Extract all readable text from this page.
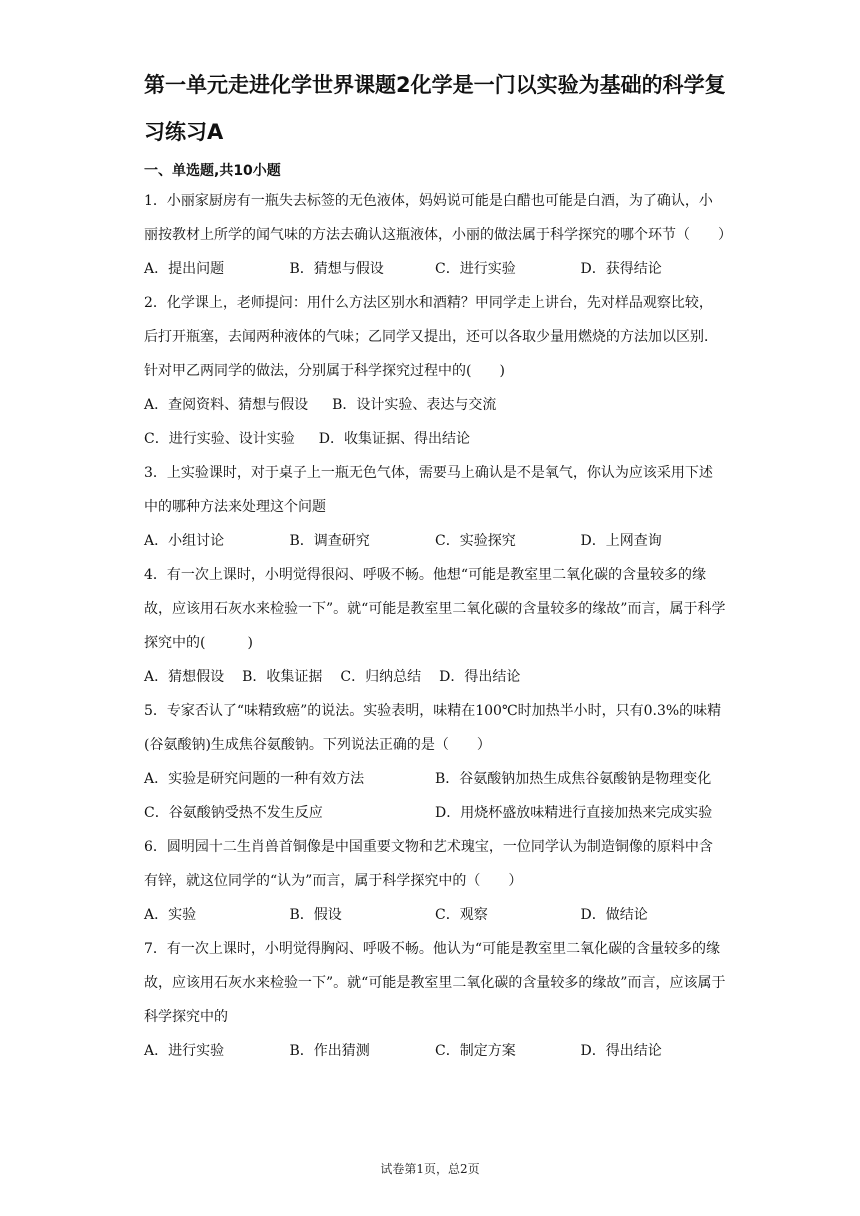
第一单元走进化学世界课题2化学是一门以实验为基础的科学复习练习A
一、单选题,共10小题

1．小丽家厨房有一瓶失去标签的无色液体，妈妈说可能是白醋也可能是白酒，为了确认，小丽按教材上所学的闻气味的方法去确认这瓶液体，小丽的做法属于科学探究的哪个环节（　　）

A．提出问题	B．猜想与假设	C．进行实验	D．获得结论

2．化学课上，老师提问：用什么方法区别水和酒精？甲同学走上讲台，先对样品观察比较，后打开瓶塞，去闻两种液体的气味；乙同学又提出，还可以各取少量用燃烧的方法加以区别．针对甲乙两同学的做法，分别属于科学探究过程中的(　　)

A．查阅资料、猜想与假设 B．设计实验、表达与交流
C．进行实验、设计实验 D．收集证据、得出结论

3．上实验课时，对于桌子上一瓶无色气体，需要马上确认是不是氧气，你认为应该采用下述中的哪种方法来处理这个问题

A．小组讨论	B．调查研究	C．实验探究	D．上网查询

4．有一次上课时，小明觉得很闷、呼吸不畅。他想“可能是教室里二氧化碳的含量较多的缘故，应该用石灰水来检验一下”。就“可能是教室里二氧化碳的含量较多的缘故”而言，属于科学探究中的(　　　)

A．猜想假设 B．收集证据 C．归纳总结 D．得出结论

5．专家否认了“味精致癌”的说法。实验表明，味精在100℃时加热半小时，只有0.3%的味精(谷氨酸钠)生成焦谷氨酸钠。下列说法正确的是（　　）

A．实验是研究问题的一种有效方法	B．谷氨酸钠加热生成焦谷氨酸钠是物理变化
C．谷氨酸钠受热不发生反应	D．用烧杯盛放味精进行直接加热来完成实验

6．圆明园十二生肖兽首铜像是中国重要文物和艺术瑰宝，一位同学认为制造铜像的原料中含有锌，就这位同学的“认为”而言，属于科学探究中的（　　）

A．实验	B．假设	C．观察	D．做结论

7．有一次上课时，小明觉得胸闷、呼吸不畅。他认为“可能是教室里二氧化碳的含量较多的缘故，应该用石灰水来检验一下”。就“可能是教室里二氧化碳的含量较多的缘故”而言，应该属于科学探究中的

A．进行实验	B．作出猜测	C．制定方案	D．得出结论
试卷第1页，总2页
